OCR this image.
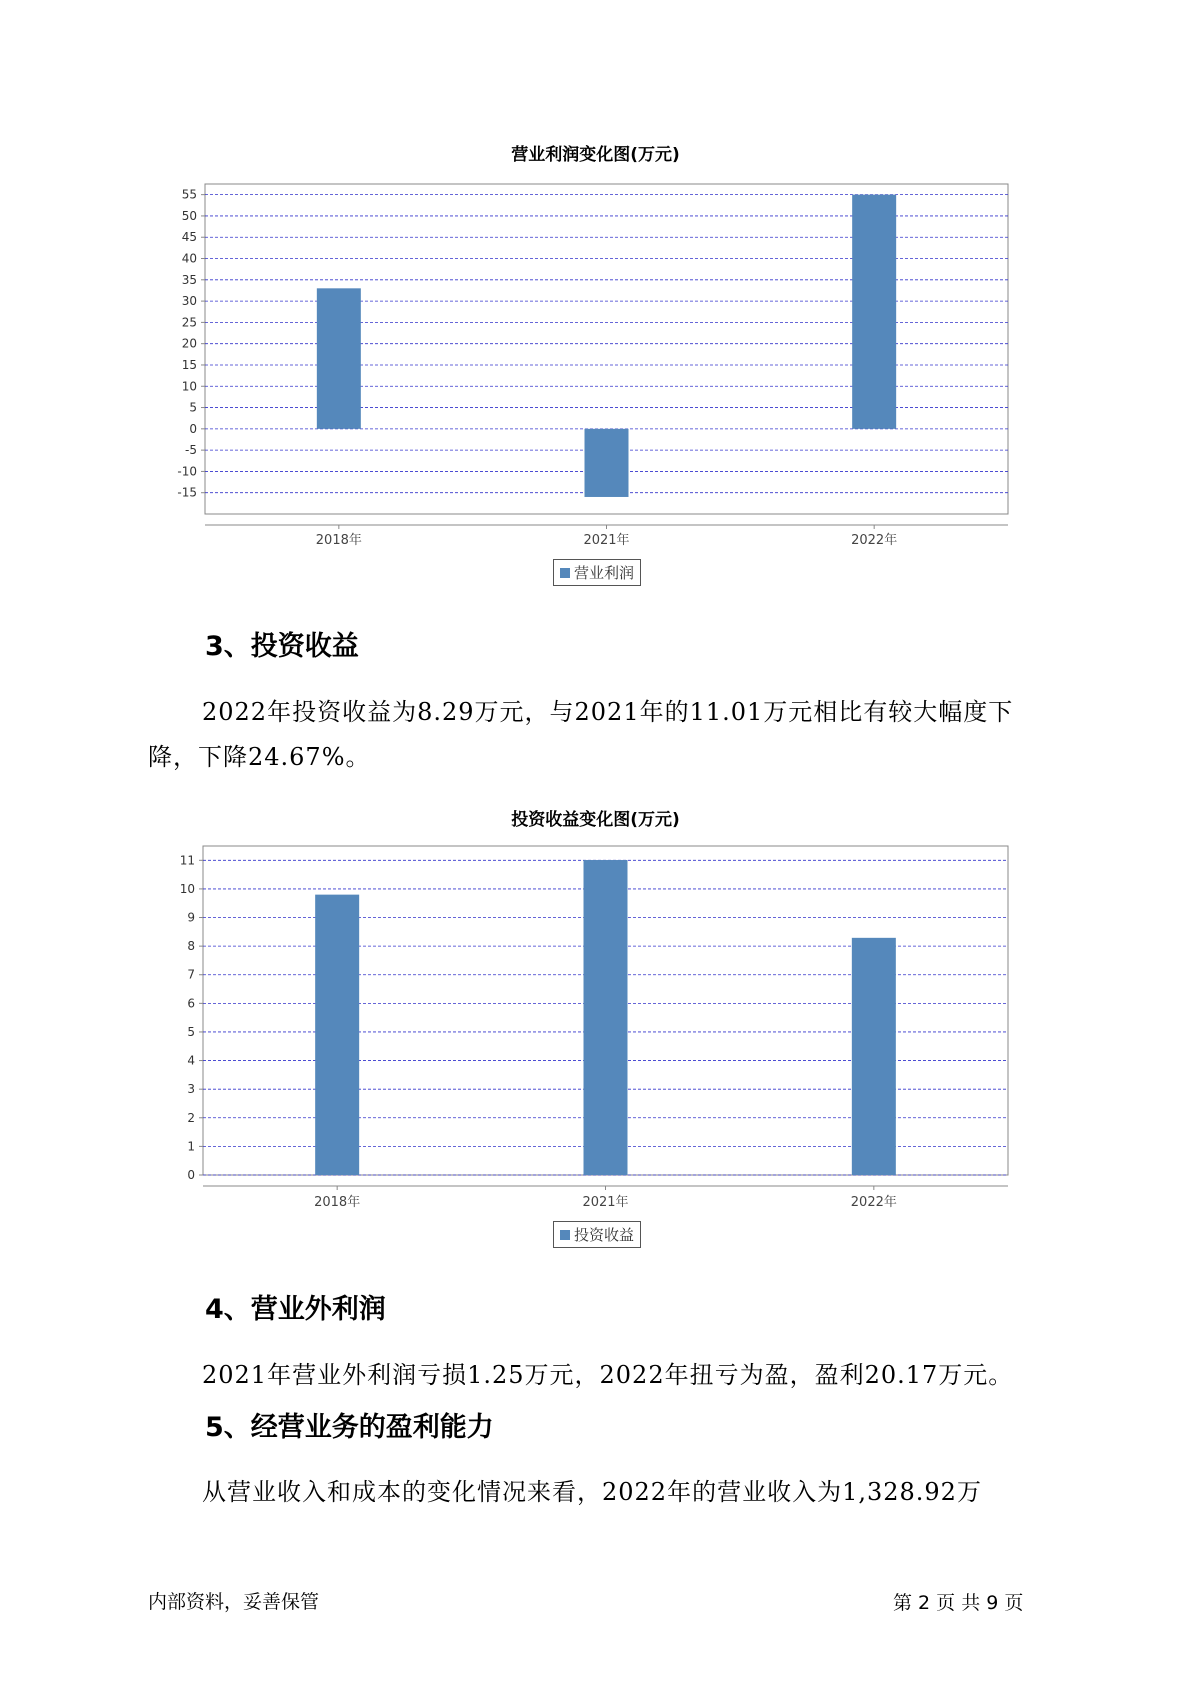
营业利润变化图(万元)
55
50
45
40
35
30
25
20
15
10
5
0
-5
-10
-15
2018年	2021年	2022年
营业利润
3、投资收益
2022年投资收益为8.29万元，与2021年的11.01万元相比有较大幅度下
降，下降24.67%。
投资收益变化图(万元)
11
10
9
8
7
6
5
4
3
2
1
0
2018年	2021年	2022年
投资收益
4、营业外利润
2021年营业外利润亏损1.25万元，2022年扭亏为盈，盈利20.17万元。
5、经营业务的盈利能力
从营业收入和成本的变化情况来看，2022年的营业收入为1,328.92万
内部资料，妥善保管	第 2 页 共 9 页
